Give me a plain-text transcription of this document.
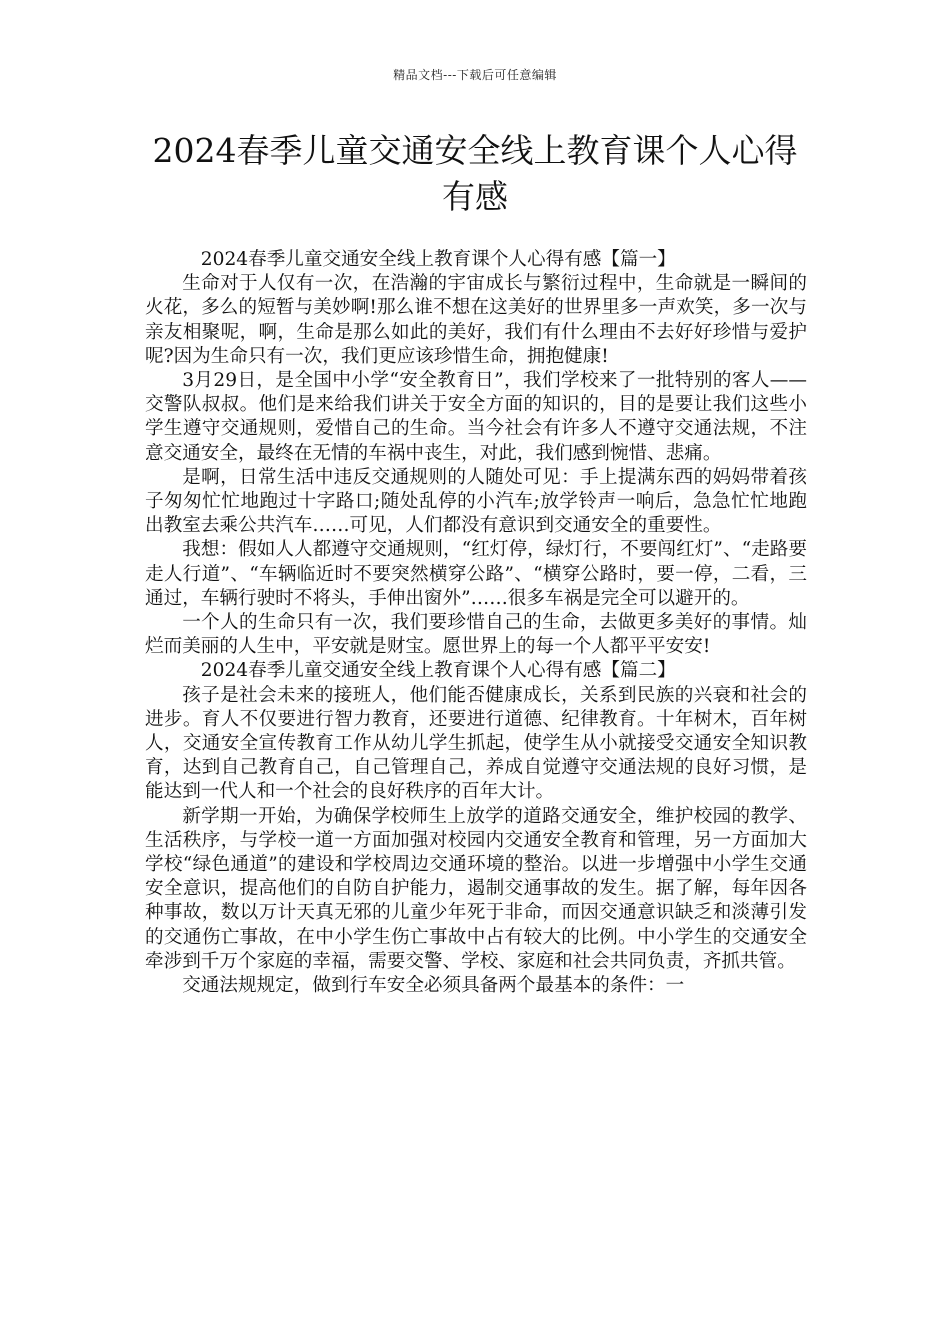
精品文档---下载后可任意编辑
2024春季儿童交通安全线上教育课个人心得有感

2024春季儿童交通安全线上教育课个人心得有感【篇一】

生命对于人仅有一次，在浩瀚的宇宙成长与繁衍过程中，生命就是一瞬间的火花，多么的短暂与美妙啊!那么谁不想在这美好的世界里多一声欢笑，多一次与亲友相聚呢，啊，生命是那么如此的美好，我们有什么理由不去好好珍惜与爱护呢?因为生命只有一次，我们更应该珍惜生命，拥抱健康!

3月29日，是全国中小学“安全教育日”，我们学校来了一批特别的客人——交警队叔叔。他们是来给我们讲关于安全方面的知识的，目的是要让我们这些小学生遵守交通规则，爱惜自己的生命。当今社会有许多人不遵守交通法规，不注意交通安全，最终在无情的车祸中丧生，对此，我们感到惋惜、悲痛。

是啊，日常生活中违反交通规则的人随处可见：手上提满东西的妈妈带着孩子匆匆忙忙地跑过十字路口;随处乱停的小汽车;放学铃声一响后，急急忙忙地跑出教室去乘公共汽车……可见，人们都没有意识到交通安全的重要性。

我想：假如人人都遵守交通规则，“红灯停，绿灯行，不要闯红灯”、“走路要走人行道”、“车辆临近时不要突然横穿公路”、“横穿公路时，要一停，二看，三通过，车辆行驶时不将头，手伸出窗外”……很多车祸是完全可以避开的。

一个人的生命只有一次，我们要珍惜自己的生命，去做更多美好的事情。灿烂而美丽的人生中，平安就是财宝。愿世界上的每一个人都平平安安!

2024春季儿童交通安全线上教育课个人心得有感【篇二】

孩子是社会未来的接班人，他们能否健康成长，关系到民族的兴衰和社会的进步。育人不仅要进行智力教育，还要进行道德、纪律教育。十年树木，百年树人，交通安全宣传教育工作从幼儿学生抓起，使学生从小就接受交通安全知识教育，达到自己教育自己，自己管理自己，养成自觉遵守交通法规的良好习惯，是能达到一代人和一个社会的良好秩序的百年大计。

新学期一开始，为确保学校师生上放学的道路交通安全，维护校园的教学、生活秩序，与学校一道一方面加强对校园内交通安全教育和管理，另一方面加大学校“绿色通道”的建设和学校周边交通环境的整治。以进一步增强中小学生交通安全意识，提高他们的自防自护能力，遏制交通事故的发生。据了解，每年因各种事故，数以万计天真无邪的儿童少年死于非命，而因交通意识缺乏和淡薄引发的交通伤亡事故，在中小学生伤亡事故中占有较大的比例。中小学生的交通安全牵涉到千万个家庭的幸福，需要交警、学校、家庭和社会共同负责，齐抓共管。

交通法规规定，做到行车安全必须具备两个最基本的条件：一
